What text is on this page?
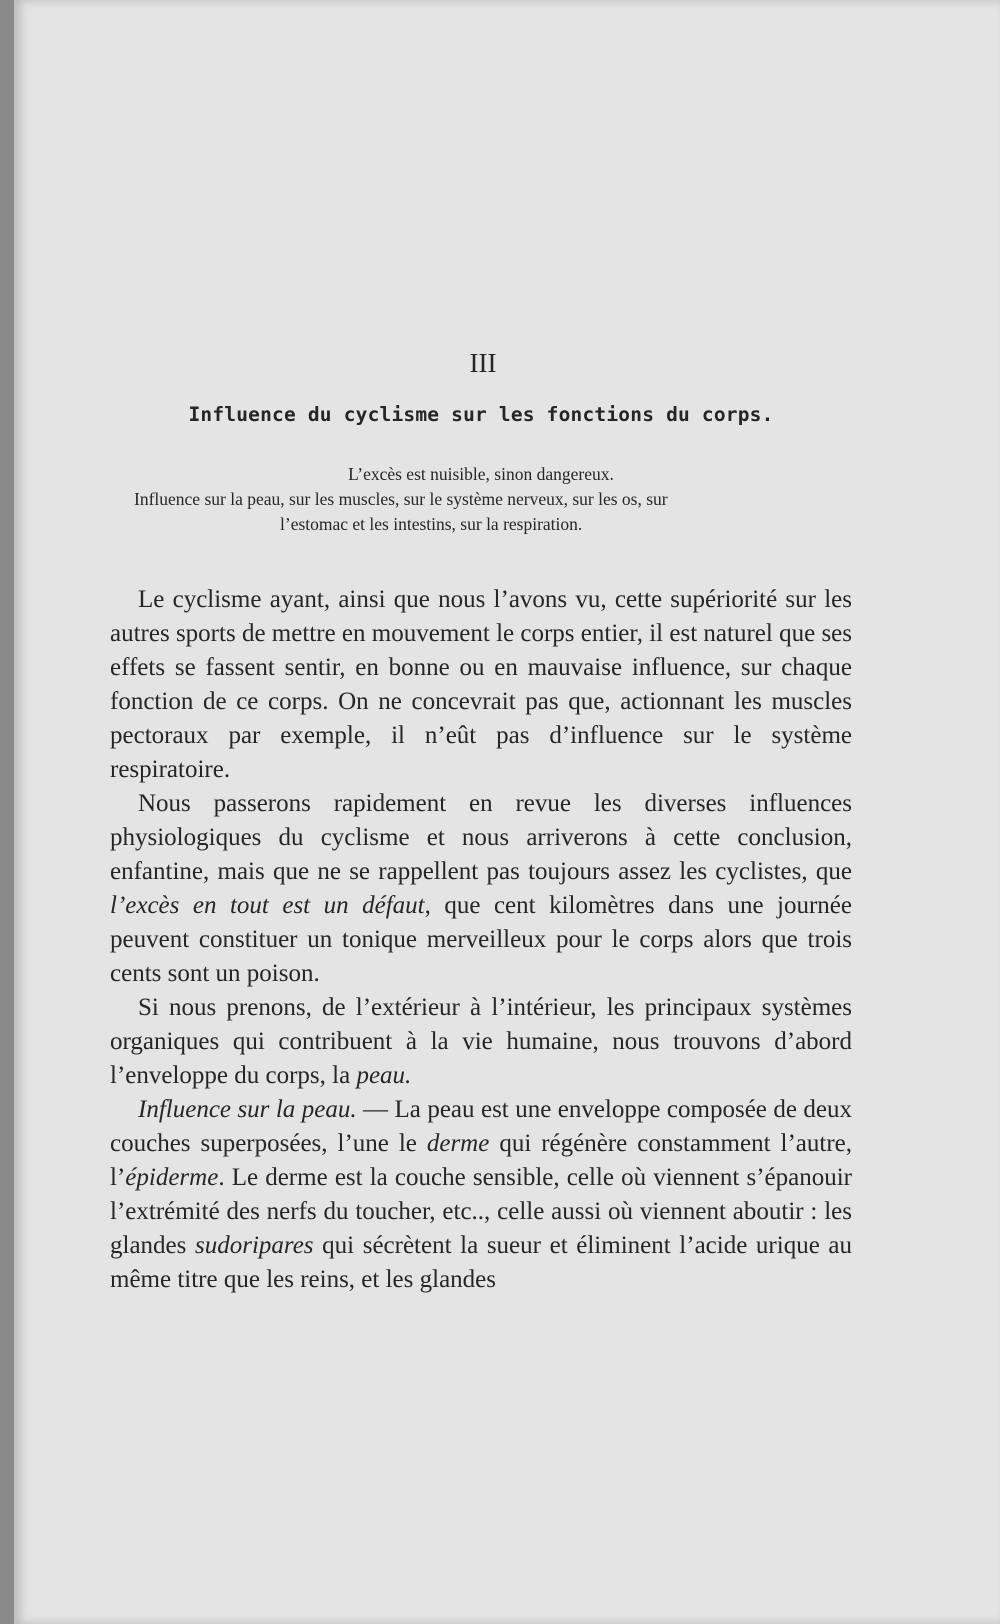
III
Influence du cyclisme sur les fonctions du corps.
L’excès est nuisible, sinon dangereux.
Influence sur la peau, sur les muscles, sur le système nerveux, sur les os, sur
l’estomac et les intestins, sur la respiration.

Le cyclisme ayant, ainsi que nous l’avons vu, cette supériorité sur les autres sports de mettre en mouvement le corps entier, il est naturel que ses effets se fassent sentir, en bonne ou en mauvaise influence, sur chaque fonction de ce corps. On ne concevrait pas que, actionnant les muscles pectoraux par exemple, il n’eût pas d’influence sur le système respiratoire.

Nous passerons rapidement en revue les diverses influences physiologiques du cyclisme et nous arriverons à cette conclusion, enfantine, mais que ne se rappellent pas toujours assez les cyclistes, que l’excès en tout est un défaut, que cent kilomètres dans une journée peuvent constituer un tonique merveilleux pour le corps alors que trois cents sont un poison.

Si nous prenons, de l’extérieur à l’intérieur, les principaux systèmes organiques qui contribuent à la vie humaine, nous trouvons d’abord l’enveloppe du corps, la peau.

Influence sur la peau. — La peau est une enveloppe composée de deux couches superposées, l’une le derme qui régénère constamment l’autre, l’épiderme. Le derme est la couche sensible, celle où viennent s’épanouir l’extrémité des nerfs du toucher, etc.., celle aussi où viennent aboutir : les glandes sudoripares qui sécrètent la sueur et éliminent l’acide urique au même titre que les reins, et les glandes
